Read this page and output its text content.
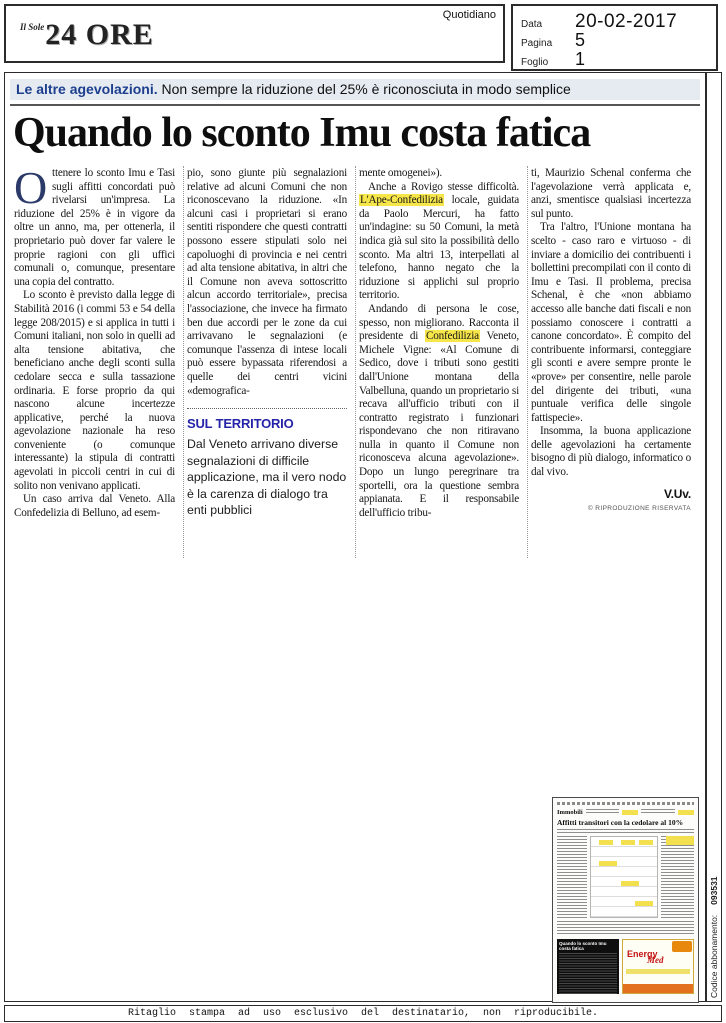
$^{Il Sole}$24 ORE
Quotidiano
Data	20-02-2017
Pagina	5
Foglio	1
Le altre agevolazioni. Non sempre la riduzione del 25% è riconosciuta in modo semplice
Quando lo sconto Imu costa fatica

Ottenere lo sconto Imu e Tasi sugli affitti concordati può rivelarsi un'impresa. La riduzione del 25% è in vigore da oltre un anno, ma, per ottenerla, il proprietario può dover far valere le proprie ragioni con gli uffici comunali o, comunque, presentare una copia del contratto.

Lo sconto è previsto dalla legge di Stabilità 2016 (i commi 53 e 54 della legge 208/2015) e si applica in tutti i Comuni italiani, non solo in quelli ad alta tensione abitativa, che beneficiano anche degli sconti sulla cedolare secca e sulla tassazione ordinaria. E forse proprio da qui nascono alcune incertezze applicative, perché la nuova agevolazione nazionale ha reso conveniente (o comunque interessante) la stipula di contratti agevolati in piccoli centri in cui di solito non venivano applicati.

Un caso arriva dal Veneto. Alla Confedelizia di Belluno, ad esem-

pio, sono giunte più segnalazioni relative ad alcuni Comuni che non riconoscevano la riduzione. «In alcuni casi i proprietari si erano sentiti rispondere che questi contratti possono essere stipulati solo nei capoluoghi di provincia e nei centri ad alta tensione abitativa, in altri che il Comune non aveva sottoscritto alcun accordo territoriale», precisa l'associazione, che invece ha firmato ben due accordi per le zone da cui arrivavano le segnalazioni (e comunque l'assenza di intese locali può essere bypassata riferendosi a quelle dei centri vicini «demografica-

SUL TERRITORIO
Dal Veneto arrivano diverse segnalazioni di difficile applicazione, ma il vero nodo è la carenza di dialogo tra enti pubblici

mente omogenei»).

Anche a Rovigo stesse difficoltà. L'Ape-Confedilizia locale, guidata da Paolo Mercuri, ha fatto un'indagine: su 50 Comuni, la metà indica già sul sito la possibilità dello sconto. Ma altri 13, interpellati al telefono, hanno negato che la riduzione si applichi sul proprio territorio.

Andando di persona le cose, spesso, non migliorano. Racconta il presidente di Confedilizia Veneto, Michele Vigne: «Al Comune di Sedico, dove i tributi sono gestiti dall'Unione montana della Valbelluna, quando un proprietario si recava all'ufficio tributi con il contratto registrato i funzionari rispondevano che non ritiravano nulla in quanto il Comune non riconosceva alcuna agevolazione». Dopo un lungo peregrinare tra sportelli, ora la questione sembra appianata. E il responsabile dell'ufficio tribu-

ti, Maurizio Schenal conferma che l'agevolazione verrà applicata e, anzi, smentisce qualsiasi incertezza sul punto.

Tra l'altro, l'Unione montana ha scelto - caso raro e virtuoso - di inviare a domicilio dei contribuenti i bollettini precompilati con il conto di Imu e Tasi. Il problema, precisa Schenal, è che «non abbiamo accesso alle banche dati fiscali e non possiamo conoscere i contratti a canone concordato». È compito del contribuente informarsi, conteggiare gli sconti e avere sempre pronte le «prove» per consentire, nelle parole del dirigente dei tributi, «una puntuale verifica delle singole fattispecie».

Insomma, la buona applicazione delle agevolazioni ha certamente bisogno di più dialogo, informatico o dal vivo.

V.Uv.
© RIPRODUZIONE RISERVATA
Immobili
Affitti transitori con la cedolare al 10%
Quando lo sconto Imu costa fatica
Energy
Med	Codice abbonamento:093531
Ritaglio stampa ad uso esclusivo del destinatario, non riproducibile.
